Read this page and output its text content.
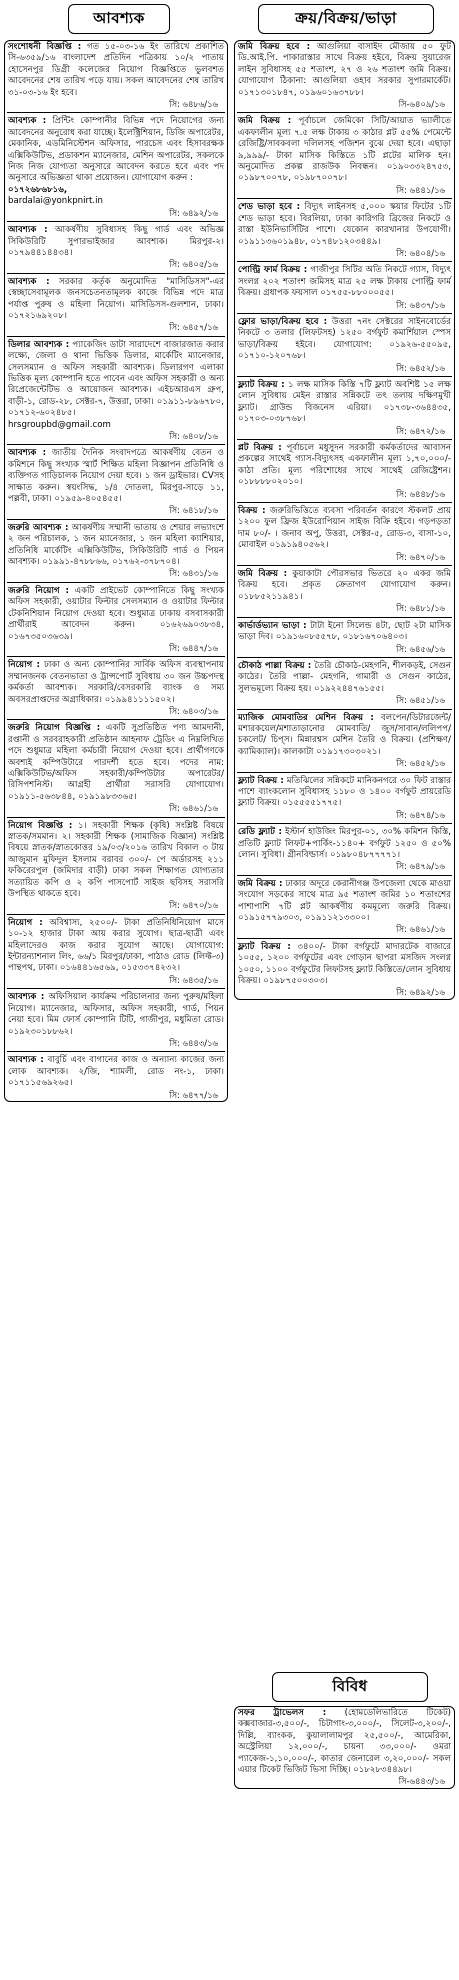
আবশ্যক
সংশোধনী বিজ্ঞপ্তি : গত ১৫-০৩-১৬ ইং তারিখে প্রকাশিত সি-৬৩৫৯/১৬ বাংলাদেশ প্রতিদিন পত্রিকায় ১০/২ পাতায় হোসেনপুর ডিগ্রী কলেজের নিয়োগ বিজ্ঞপ্তিতে ভুলবশত আবেদনের শেষ তারিখ পড়ে যায়। সকল আবেদনের শেষ তারিখ ৩১-০৩-১৬ ইং হবে।
সি: ৬৪৮৬/১৬
আবশ্যক : প্রিন্টিং কোম্পানীর বিভিন্ন পদে নিয়োগের জন্য আবেদনের অনুরোধ করা যাচ্ছে। ইলেক্ট্রিশিয়ান, ডিজি অপারেটর, মেকানিক, এডমিনিস্টেশন অফিসার, পারচেস এবং হিসাবরক্ষক এক্সিকিউটিভ, প্রডাকশন ম্যানেজার, মেশিন অপারেটর, সকলকে নিজ নিজ যোগ্যতা অনুসারে আবেদন করতে হবে এবং পদ অনুসারে অভিজ্ঞতা থাকা প্রয়োজন। যোগাযোগ করুন :
০১৭২৬৮৬৮১৬,
bardalai@yonkpnirt.in
সি: ৬৪৯২/১৬
আবশ্যক : আকর্ষণীয় সুবিধাসহ কিছু গার্ড এবং অভিজ্ঞ সিকিউরিটি সুপারভাইজার আবশ্যক। মিরপুর-২। ০১৭৯৪৪১৪৪৩৪।
সি: ৬৪০৫/১৬
আবশ্যক : সরকার কর্তৃক অনুমোদিত "মাসিডিসস"-এর স্বেচ্ছাসেবামূলক জনসচেতনতামূলক কাজে বিভিন্ন পদে মাত্র পর্যাপ্ত পুরুষ ও মহিলা নিয়োগ। মাসিডিসস-গুলশান, ঢাকা। ০১৭২১৬৯২০৮।
সি: ৬৪৫৭/১৬
ডিলার আবশ্যক : প্যাকেজিং ডাটা সারাদেশে বাজারজাত করার লক্ষ্যে, জেলা ও থানা ভিত্তিক ডিলার, মার্কেটিং ম্যানেজার, সেলসম্যান ও অফিস সহকারী আবশ্যক। ডিলারগণ এলাকা ভিত্তিক মূল্য কোম্পানি হতে পাবেন এবং অফিস সহকারী ও অন্য রিপ্রেজেন্টেটিভ ও আয়োজন আবশ্যক। এইচআরএস গ্রুপ, বাড়ী-১, রোড-২৮, সেক্টর-৭, উত্তরা, ঢাকা। ০১৯১১-৮৯৬৭৮০, ০১৭১২-৬০২৪৮৫।
hrsgroupbd@gmail.com
সি: ৬৪০৮/১৬
আবশ্যক : জাতীয় দৈনিক সংবাদপত্রে আকর্ষণীয় বেতন ও কমিশনে কিছু সংখ্যক স্মার্ট শিক্ষিত মহিলা বিজ্ঞাপন প্রতিনিধি ও ব্যক্তিগত গাড়িচালক নিয়োগ দেয়া হবে। ১ জন ড্রাইভার। CVসহ সাক্ষাত করুন। স্বয়ংসিদ্ধ, ১/৪ দোতলা, মিরপুর-সাড়ে ১১, পল্লবী, ঢাকা। ০১৯৫৯-৪০৫৪৫৫।
সি: ৬৪১৮/১৬
জরুরি আবশ্যক : আকর্ষণীয় সম্মানী ভাতায় ও শেয়ার লভ্যাংশে ২ জন পরিচালক, ১ জন ম্যানেজার, ১ জন মহিলা ক্যাশিয়ার, প্রতিনিধি মার্কেটিং এক্সিকিউটিভ, সিকিউরিটি গার্ড ও পিয়ন আবশ্যক। ০১৯৯১-৪৭৮৮৬৬, ০১৭৬২-৩৭৮৭০৪।
সি: ৬৪৩১/১৬
জরুরি নিয়োগ : একটি প্রাইভেট কোম্পানিতে কিছু সংখ্যক অফিস সহকারী, ওয়াটার ফিল্টার সেলসম্যান ও ওয়াটার ফিল্টার টেকনিশিয়ান নিয়োগ দেওয়া হবে। শুধুমাত্র ঢাকায় বসবাসকারী প্রার্থীরাই আবেদন করুন। ০১৬২৬৯০৩৮৩৪, ০১৬৭৩৫০৩৬৩৯।
সি: ৬৪৪৭/১৬
নিয়োগ : ঢাকা ও অন্য কোম্পানির সার্বিক অফিস ব্যবস্থাপনায় সম্মানজনক বেতনভাতা ও ট্রান্সপোর্ট সুবিধায় ৩০ জন উচ্চপদস্থ কর্মকর্তা আবশ্যক। সরকারি/বেসরকারি ব্যাংক ও সম্য অবসরপ্রাপ্তদের অগ্রাধিকার। ০১৯৯৪১১১১৫০২।
সি: ৬৪০৩/১৬
জরুরি নিয়োগ বিজ্ঞপ্তি : একটি সুপ্রতিষ্ঠিত পণ্য আমদানী, রপ্তানী ও সরবরাহকারী প্রতিষ্ঠান আহনাফ ট্রেডিং এ নিম্নলিখিত পদে শুধুমাত্র মহিলা কর্মচারী নিয়োগ দেওয়া হবে। প্রার্থীগণকে অবশ্যই কম্পিউটারে পারদর্শী হতে হবে। পদের নাম: এক্সিকিউটিভ/অফিস সহকারী/কম্পিউটার অপারেটর/রিসিপশনিস্ট। আগ্রহী প্রার্থীরা সরাসরি যোগাযোগ। ০১৯১১-৫৬৩৮৪৪, ০১৯১৯৮৩৩৬৫।
সি: ৬৪৬১/১৬
নিয়োগ বিজ্ঞপ্তি : ১। সহকারী শিক্ষক (কৃষি) সংশ্লিষ্ট বিষয়ে স্নাতক/সমমান। ২। সহকারী শিক্ষক (সামাজিক বিজ্ঞান) সংশ্লিষ্ট বিষয়ে স্নাতক/স্নাতকোত্তর ১৯/০৩/২০১৬ তারিখ বিকাল ৩ টায় আজুমান মুফিদুল ইসলাম বরাবর ৩০০/- পে অর্ডারসহ ২১১ ফকিরেরপুল (জমিদার বাড়ী) ঢাকা সকল শিক্ষাগত যোগ্যতার সত্যায়িত কপি ও ২ কপি পাসপোর্ট সাইজ ছবিসহ সরাসরি উপস্থিত থাকতে হবে।
সি: ৬৪৭০/১৬
নিয়োগ : অবিশ্বাস্য, ২৫০০/- টাকা প্রতিনিধিনিয়োগ মাসে ১০-১২ হাজার টাকা আয় করার সুযোগ। ছাত্র-ছাত্রী এবং মহিলাদেরও কাজ করার সুযোগ আছে। যোগাযোগ: ইন্টারন্যাশনাল লিং, ৬৬/১ মিরপুর/ঢাকা, পাঠাও রোড (লিফ্ট-৩) পান্থপথ, ঢাকা। ০১৬৪৪১৬৫৬৯, ০১৫৩৩৭৪২৩২।
সি: ৬৪৩৫/১৬
আবশ্যক : অফিসিয়াল কার্যক্রম পরিচালনার জন্য পুরুষ/মহিলা নিয়োগ। ম্যানেজার, অফিসার, অফিস সহকারী, গার্ড, পিয়ন নেয়া হবে। মিম ফোর্স কোম্পানি টিটি, গাজীপুর, মধুমিতা রোড। ০১৯২৩০১৮৮৬২।
সি: ৬৪৪৩/১৬
আবশ্যক : বাবুর্চি এবং বাগানের কাজ ও অন্যান্য কাজের জন্য লোক আবশ্যক। ২/জি, শ্যামলী, রোড নং-১, ঢাকা। ০১৭১১৫৬৯২৬৫।
সি: ৬৪৭৭/১৬
ক্রয়/বিক্রয়/ভাড়া
জমি বিক্রয় হবে : আগুলিয়া বাসাইদ মৌজায় ৫০ ফুট ডি.আই.পি. পাকারাস্তার সাথে বিক্রয় হইবে, বিক্রয় সুয়ারেজ লাইন সুবিধাসহ ৫৫ শতাংশ, ২৭ ও ২৬ শতাংশ জমি বিক্রয়। যোগাযোগ ঠিকানা: আগুলিয়া ওহাব সরকার সুপারমার্কেট। ০১৭১৩০১৮৪৭, ০১৯৬০১৬৩৭৮৮।
সি-৬৪০৯/১৬
জমি বিক্রয় : পূর্বাচলে জেমিকো সিটি/আয়াত ভ্যালীতে একফালীন মূল্য ৭.৫ লক্ষ টাকায় ৩ কাঠার প্লট ৫৫% পেমেন্টে রেজিষ্ট্রি/সাবকবলা দলিলসহ পজিশন বুঝে দেয়া হবে। এছাড়া ৯,৯৯৯/- টাকা মাসিক কিস্তিতে ১টি প্লটের মালিক হন। অনুমোদিত প্রকল্প রাজউক নিবন্ধন। ০১৯০৩৩২৪৭৫৩, ০১৯৮৭০০৭৮, ০১৯৮৭০০৭৮।
সি: ৬৪৪১/১৬
শেড ভাড়া হবে : বিদ্যুৎ লাইনসহ ৫,০০০ স্কয়ার ফিটের ১টি শেড ভাড়া হবে। বিরলিয়া, ঢাকা কারিগরি ব্রিজের নিকটে ও রাস্তা ইউনিভার্সিটির পাশে। যেকোন কারখানার উপযোগী। ০১৯১১৩৬০১৯৪৮, ০১৭৪৮১২০৩৪৪৯।
সি: ৬৪০৪/১৬
পোল্ট্রি ফার্ম বিক্রয় : গাজীপুর সিটির অতি নিকটে গ্যাস, বিদ্যুৎ সংলগ্ন ২০২ শতাংশ জমিসহ মাত্র ২৫ লক্ষ টাকায় পোল্ট্রি ফার্ম বিক্রয়। গ্রধাপক ফয়সাল ০১৭৫৫-৮৮০০০৫৫।
সি: ৬৪৩৭/১৬
ফ্লোর ভাড়া/বিক্রয় হবে : উত্তরা ৭নং সেক্টরের সাইনবোর্ডের নিকটে ৩ তলার (লিফটসহ) ১২৫০ বর্গফুট কমার্শিয়াল স্পেস ভাড়া/বিক্রয় হইবে। যোগাযোগ: ০১৯২৬-৫৫০৯৫, ০১৭১০-১২০৭৬৮।
সি: ৬৪৫২/১৬
ফ্ল্যাট বিক্রয় : ১ লক্ষ মাসিক কিস্তি ৭টি ফ্ল্যাট অবশিষ্ট ১৫ লক্ষ লোন সুবিধায় মেইন রাস্তার সন্নিকটে তৎ তলায় দক্ষিণমুখী ফ্ল্যাট। গ্রাউন্ড বিজনেস এরিয়া। ০১৭৩৮-৩৬৪৪৩৫, ০১৭০৩-০৩৮৭৬৮।
সি: ৬৪৭২/১৬
প্লট বিক্রয় : পূর্বাচলে মধুসুদন সরকারী কর্মকর্তাদের আবাসন প্রকল্পের সাথেই গ্যাস-বিদ্যুৎসহ একফালীন মূল্য ১,৭০,০০০/- কাঠা প্রতি। মূল্য পরিশোধের সাথে সাথেই রেজিষ্ট্রেশন। ০১৮৮৮৮০২০১০।
সি: ৬৪৪৮/১৬
বিক্রয় : জরুরিভিত্তিতে ব্যবসা পরিবর্তন কারণে স্টকলট প্রায় ১২০০ ফুল ফ্রিজ ইউরোপিয়ান সাইজ বিক্রি হইবে। গড়পড়তা দাম ৮০/- । জনাব অপু, উত্তরা, সেক্টর-৫, রোড-৩, বাসা-১০, মোবাইল ০১৯১৯৪০৫৬২।
সি: ৬৪৭০/১৬
জমি বিক্রয় : কুয়াকাটা পৌরসভার ভিতরে ২০ একর জমি বিক্রয় হবে। প্রকৃত ক্রেতাগণ যোগাযোগ করুন। ০১৮৮৫২১১৯৪১।
সি: ৬৪৮১/১৬
কার্ভার্ডভ্যান ভাড়া : টাটা ইনো সিলেন্ড ৪টা, ছোট ২টা মাসিক ভাড়া দিব। ০১৯১৬০৮৫৫৭৮, ০১৮১৬৭০৬৪০৩।
সি: ৬৪৫৬/১৬
চৌকাঠ পাল্লা বিক্রয় : তৈরি চৌকাঠ-মেহগনি, শীলকড়ই, সেগুন কাঠের। তৈরি পাল্লা- মেহগনি, গামারী ও সেগুন কাঠের, সুলভমূল্যে বিক্রয় হয়। ০১৯২২৪৪৭৬১৫৫।
সি: ৬৪৫১/১৬
ম্যাজিক মোমবাতির মেশিন বিক্রয় : বলপেন/ডিটারজেন্ট/মশারকয়েল/মশাতাড়ানোর মোমবাতি/ জুস/সাবান/ললিপপ/চকলেট/ চিপ্‌স। মিন্নারশ্বস মেশিন তৈরি ও বিক্রয়। (প্রশিক্ষণ/ক্যামিক্যাল)। কালকাটা ০১৯১৭৩০৩০২১।
সি: ৬৪৫২/১৬
ফ্ল্যাট বিক্রয় : মতিঝিলের সন্নিকটে মানিকনগরে ৩০ ফিট রাস্তার পাশে ব্যাংকলোন সুবিধাসহ ১১৮০ ও ১৪০০ বর্গফুট প্রায়রেডি ফ্ল্যাট বিক্রয়। ০১৫৫৫৫১৭৭৫।
সি: ৬৪৭৪/১৬
রেডি ফ্ল্যাট : ইস্টার্ন হাউজিং মিরপুর-০১, ৩০% কমিশন কিস্তি, প্রতিটি ফ্ল্যাট লিফট+পার্কিং-১১৪০+ বর্গফুট ১২৫০ ও ৫০% লোন। সুবিধা। গ্রীনবিল্ডার্স। ০১৯৮০৪৮৭৭৭৭১।
সি: ৬৪৭৯/১৬
জমি বিক্রয় : ঢাকার অদূরে কেরানীগঞ্জ উপজেলা থেকে মাওয়া সংযোগ সড়কের সাথে মাত্র ৯৫ শতাংশ জমির ১০ শতাংশের পাশাপাশি ৭টি প্লট আকর্ষণীয় কমমূল্যে জরুরি বিক্রয়। ০১৯১৫৭৭৯৩০৩, ০১৯১১২১৩৩০০।
সি: ৬৪৬১/১৬
ফ্ল্যাট বিক্রয় : ৩৪০০/- টাকা বর্গফুটে মাদারটেক বাজারে ১০৫৫, ১২০০ বর্গফুটের এবং গোড়ান ছাপরা মসজিদ সংলগ্ন ১০৫০, ১১০০ বর্গফুটের লিফটসহ ফ্ল্যাট কিস্তিতে/লোন সুবিধায় বিক্রয়। ০১৯৮৭৫০০৩০৩।
সি: ৬৪৯২/১৬
বিবিধ
সফর ট্রাভেলস : (হোমডেলিভারিতে টিকেট) কক্সবাজার-৩,৫০০/-, চিটাগাং-৩,০০০/-, সিলেট-৩,২০০/-, দিল্লি, ব্যাংকক, কুয়ালালামপুর ২৫,৫০০/-, আমেরিকা, অস্ট্রেলিয়া ১২,০০০/-, চায়না ৩৩,০০০/- ওমরা প্যাকেজ-১,১০,০০০/-, কাতার জেনারেল ৩,২০,০০০/- সকল এয়ার টিকেট ভিজিট ভিসা দিচ্ছি। ০১৮২৮৩৪৪৯৮।
সি-৬৪৪৩/১৬
